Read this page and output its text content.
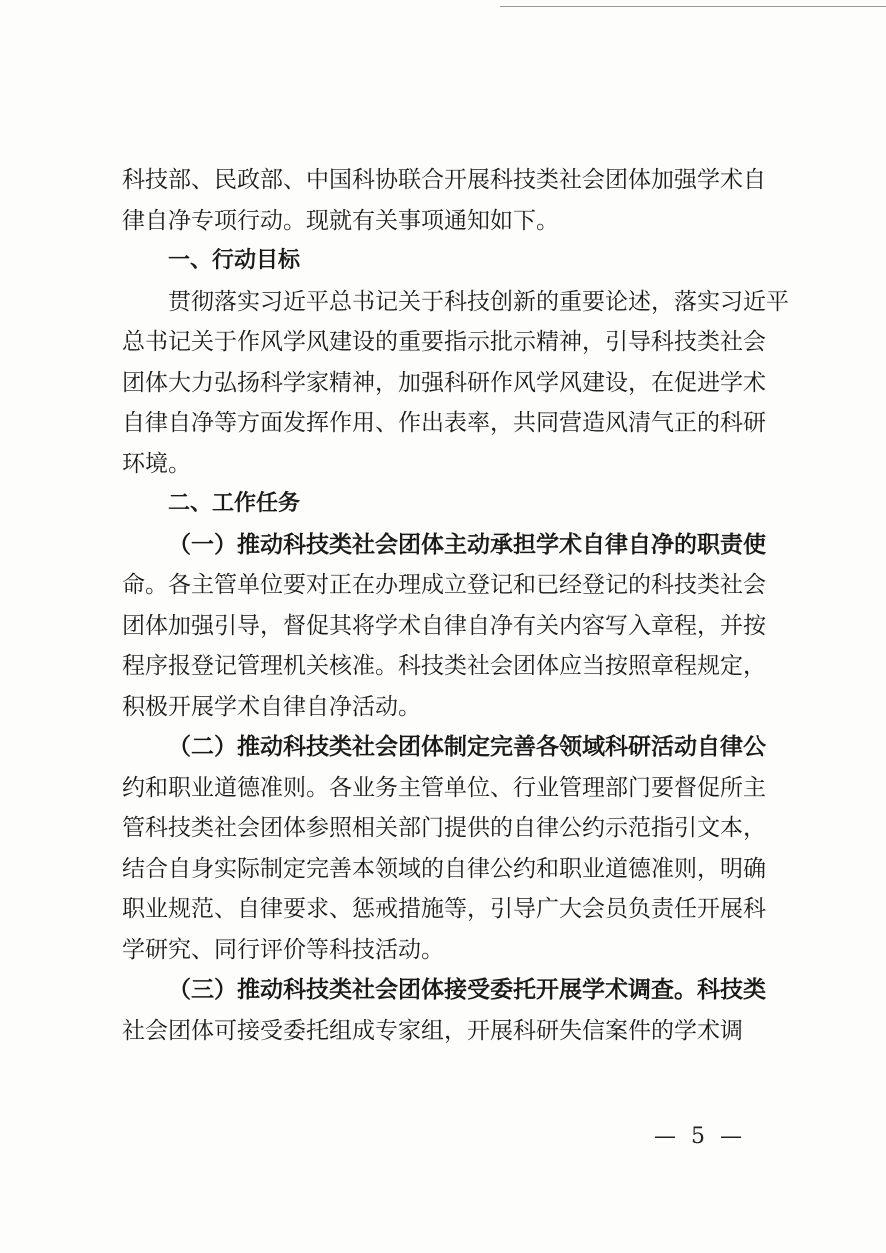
科技部、民政部、中国科协联合开展科技类社会团体加强学术自
律自净专项行动。现就有关事项通知如下。
一、行动目标
贯彻落实习近平总书记关于科技创新的重要论述，落实习近平
总书记关于作风学风建设的重要指示批示精神，引导科技类社会
团体大力弘扬科学家精神，加强科研作风学风建设，在促进学术
自律自净等方面发挥作用、作出表率，共同营造风清气正的科研
环境。
二、工作任务
（一）推动科技类社会团体主动承担学术自律自净的职责使
命。各主管单位要对正在办理成立登记和已经登记的科技类社会
团体加强引导，督促其将学术自律自净有关内容写入章程，并按
程序报登记管理机关核准。科技类社会团体应当按照章程规定，
积极开展学术自律自净活动。
（二）推动科技类社会团体制定完善各领域科研活动自律公
约和职业道德准则。各业务主管单位、行业管理部门要督促所主
管科技类社会团体参照相关部门提供的自律公约示范指引文本，
结合自身实际制定完善本领域的自律公约和职业道德准则，明确
职业规范、自律要求、惩戒措施等，引导广大会员负责任开展科
学研究、同行评价等科技活动。
（三）推动科技类社会团体接受委托开展学术调查。科技类
社会团体可接受委托组成专家组，开展科研失信案件的学术调
— 5 —
